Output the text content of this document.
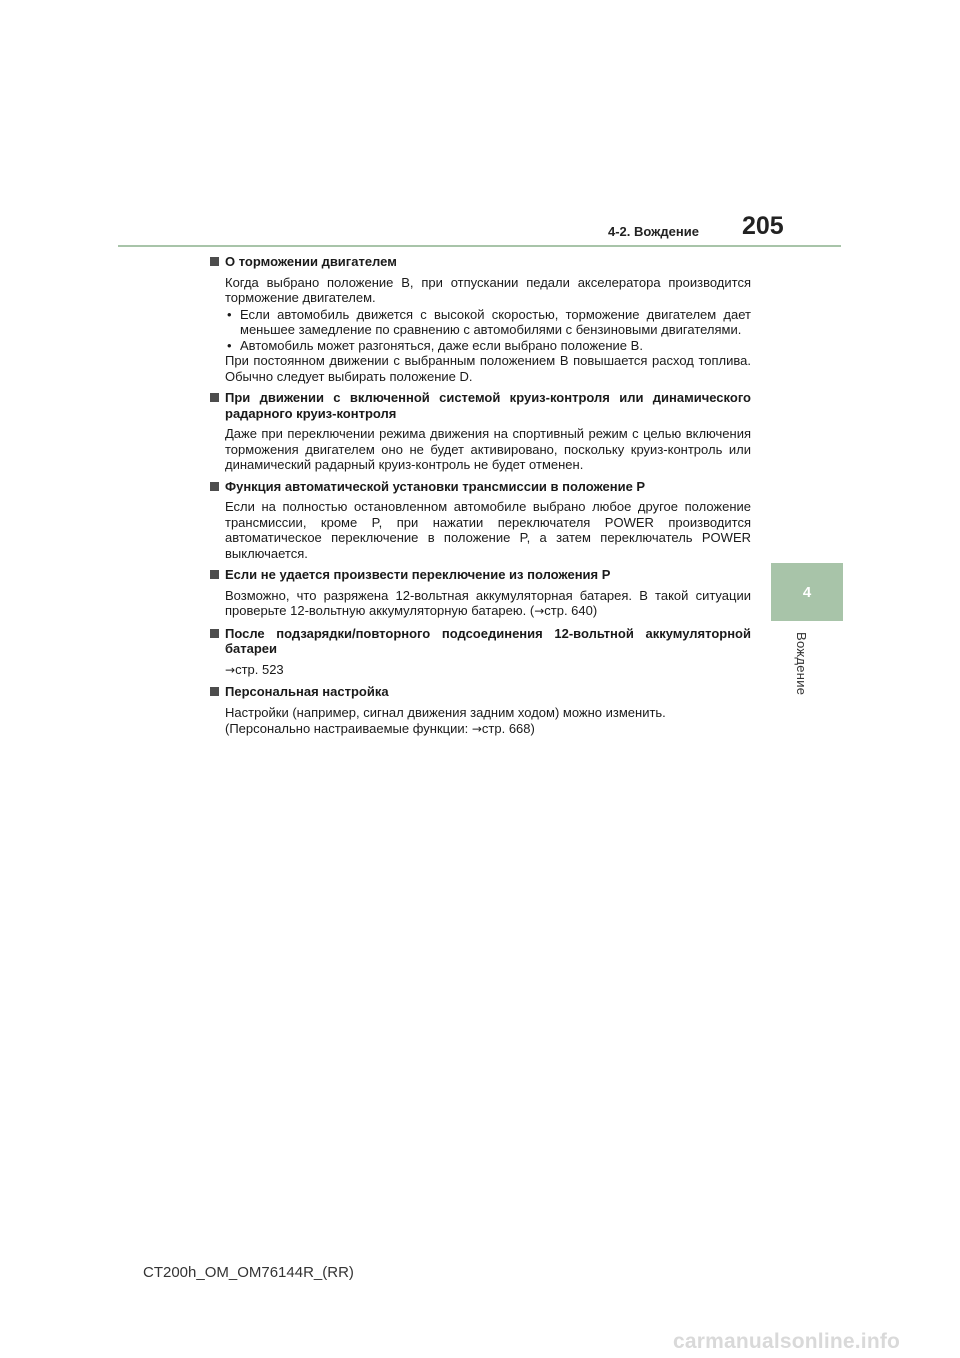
4-2. Вождение 205
4
Вождение
О торможении двигателем
Когда выбрано положение B, при отпускании педали акселератора производится торможение двигателем.
• Если автомобиль движется с высокой скоростью, торможение двигателем дает меньшее замедление по сравнению с автомобилями с бензиновыми двигателями.
• Автомобиль может разгоняться, даже если выбрано положение B.
При постоянном движении с выбранным положением B повышается расход топлива. Обычно следует выбирать положение D.
При движении с включенной системой круиз-контроля или динамического радарного круиз-контроля
Даже при переключении режима движения на спортивный режим с целью включения торможения двигателем оно не будет активировано, поскольку круиз-контроль или динамический радарный круиз-контроль не будет отменен.
Функция автоматической установки трансмиссии в положение P
Если на полностью остановленном автомобиле выбрано любое другое положение трансмиссии, кроме P, при нажатии переключателя POWER производится автоматическое переключение в положение P, а затем переключатель POWER выключается.
Если не удается произвести переключение из положения P
Возможно, что разряжена 12-вольтная аккумуляторная батарея. В такой ситуации проверьте 12-вольтную аккумуляторную батарею. (→стр. 640)
После подзарядки/повторного подсоединения 12-вольтной аккумуляторной батареи
→стр. 523
Персональная настройка
Настройки (например, сигнал движения задним ходом) можно изменить.
(Персонально настраиваемые функции: →стр. 668)
CT200h_OM_OM76144R_(RR)
carmanualsonline.info
